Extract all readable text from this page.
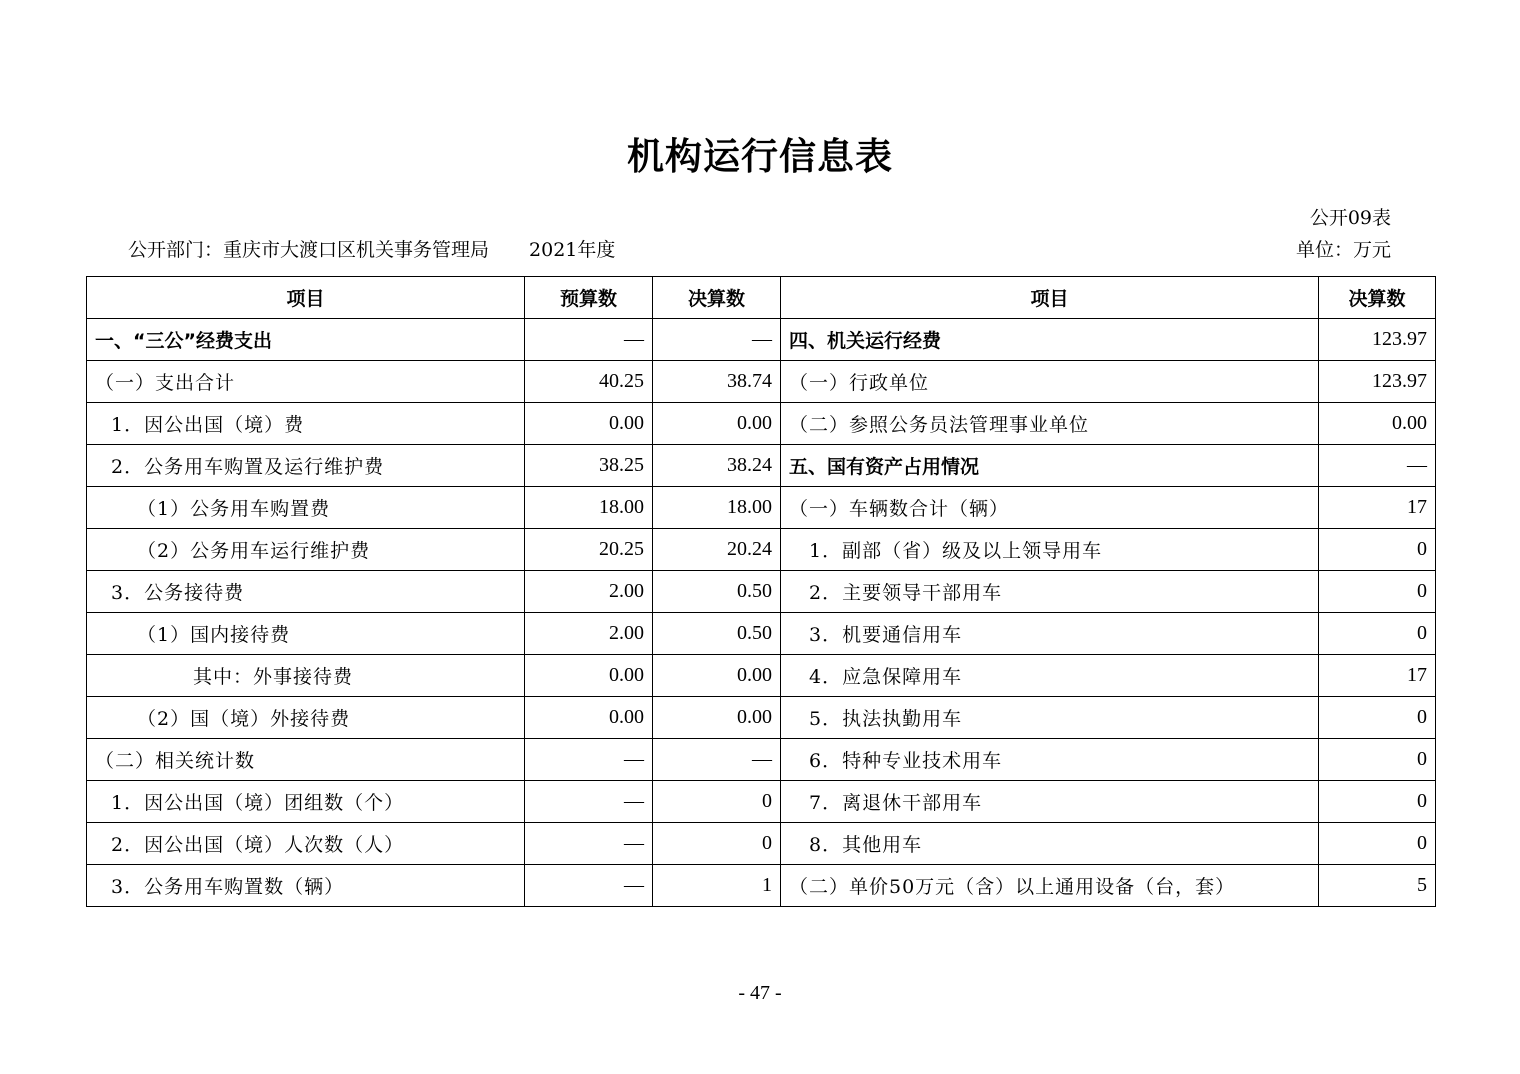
机构运行信息表
公开09表
公开部门：重庆市大渡口区机关事务管理局 2021年度	单位：万元
项目	预算数	决算数	项目	决算数
一、“三公”经费支出	—	—	四、机关运行经费	123.97
（一）支出合计	40.25	38.74	（一）行政单位	123.97
1．因公出国（境）费	0.00	0.00	（二）参照公务员法管理事业单位	0.00
2．公务用车购置及运行维护费	38.25	38.24	五、国有资产占用情况	—
（1）公务用车购置费	18.00	18.00	（一）车辆数合计（辆）	17
（2）公务用车运行维护费	20.25	20.24	1．副部（省）级及以上领导用车	0
3．公务接待费	2.00	0.50	2．主要领导干部用车	0
（1）国内接待费	2.00	0.50	3．机要通信用车	0
其中：外事接待费	0.00	0.00	4．应急保障用车	17
（2）国（境）外接待费	0.00	0.00	5．执法执勤用车	0
（二）相关统计数	—	—	6．特种专业技术用车	0
1．因公出国（境）团组数（个）	—	0	7．离退休干部用车	0
2．因公出国（境）人次数（人）	—	0	8．其他用车	0
3．公务用车购置数（辆）	—	1	（二）单价50万元（含）以上通用设备（台，套）	5
- 47 -
